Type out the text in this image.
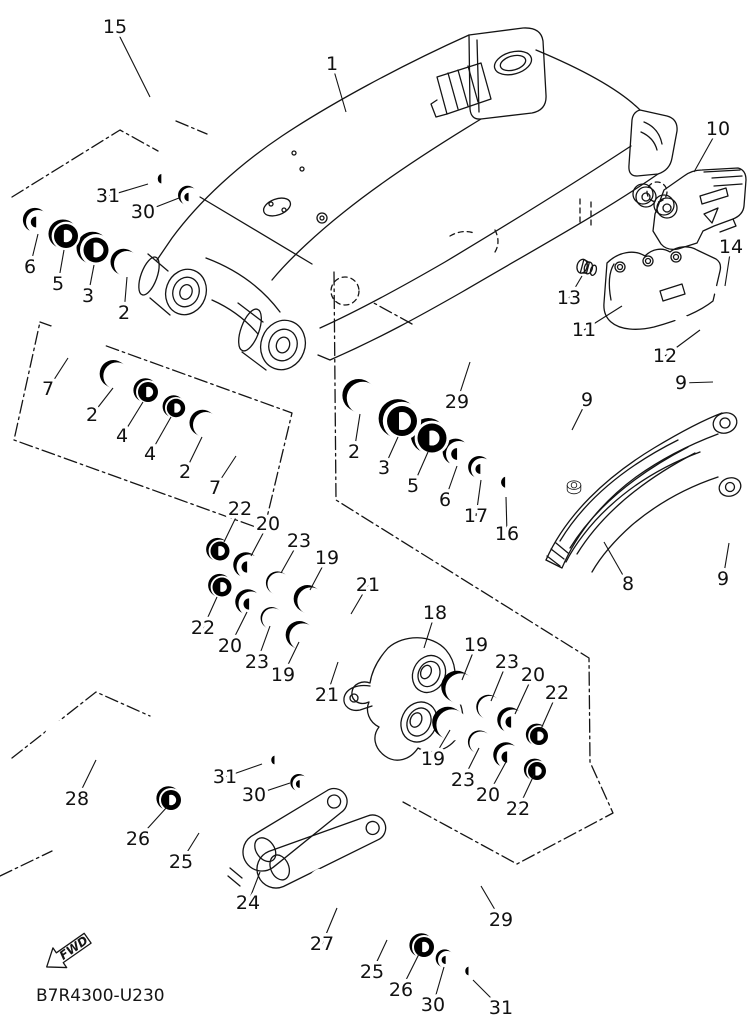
FWD
15
1
10
31
30
6
5
3
2
13
11
14
12
7
2
4
4
2
7
29
2
3
5
6
17
16
9
9
9
8
22
20
23
19
21
18
22
20
23
19
21
19
23
20
22
19
23
20
22
28
31
30
26
25
24
29
27
25
26
30 31
B7R4300-U230
